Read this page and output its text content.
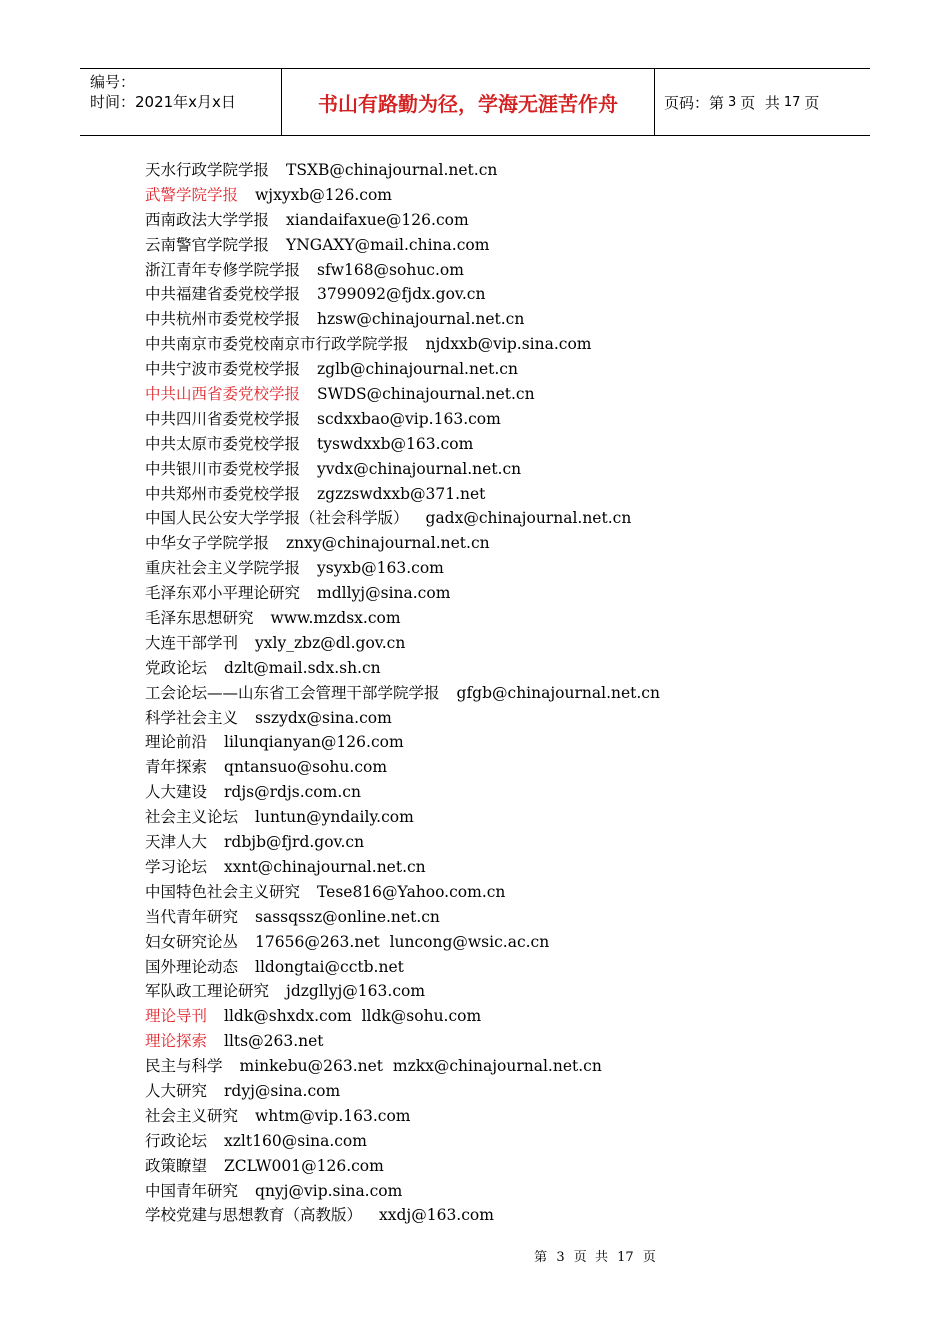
编号：
时间：2021年x月x日	书山有路勤为径，学海无涯苦作舟	页码：第 3 页  共 17 页
天水行政学院学报 TSXB@chinajournal.net.cn
武警学院学报 wjxyxb@126.com
西南政法大学学报 xiandaifaxue@126.com
云南警官学院学报 YNGAXY@mail.china.com
浙江青年专修学院学报 sfw168@sohuc.om
中共福建省委党校学报 3799092@fjdx.gov.cn
中共杭州市委党校学报 hzsw@chinajournal.net.cn
中共南京市委党校南京市行政学院学报 njdxxb@vip.sina.com
中共宁波市委党校学报 zglb@chinajournal.net.cn
中共山西省委党校学报 SWDS@chinajournal.net.cn
中共四川省委党校学报 scdxxbao@vip.163.com
中共太原市委党校学报 tyswdxxb@163.com
中共银川市委党校学报 yvdx@chinajournal.net.cn
中共郑州市委党校学报 zgzzswdxxb@371.net
中国人民公安大学学报（社会科学版） gadx@chinajournal.net.cn
中华女子学院学报 znxy@chinajournal.net.cn
重庆社会主义学院学报 ysyxb@163.com
毛泽东邓小平理论研究 mdllyj@sina.com
毛泽东思想研究 www.mzdsx.com
大连干部学刊 yxly_zbz@dl.gov.cn
党政论坛 dzlt@mail.sdx.sh.cn
工会论坛——山东省工会管理干部学院学报 gfgb@chinajournal.net.cn
科学社会主义 sszydx@sina.com
理论前沿 lilunqianyan@126.com
青年探索 qntansuo@sohu.com
人大建设 rdjs@rdjs.com.cn
社会主义论坛 luntun@yndaily.com
天津人大 rdbjb@fjrd.gov.cn
学习论坛 xxnt@chinajournal.net.cn
中国特色社会主义研究 Tese816@Yahoo.com.cn
当代青年研究 sassqssz@online.net.cn
妇女研究论丛 17656@263.net  luncong@wsic.ac.cn
国外理论动态 lldongtai@cctb.net
军队政工理论研究 jdzgllyj@163.com
理论导刊 lldk@shxdx.com  lldk@sohu.com
理论探索 llts@263.net
民主与科学 minkebu@263.net  mzkx@chinajournal.net.cn
人大研究 rdyj@sina.com
社会主义研究 whtm@vip.163.com
行政论坛 xzlt160@sina.com
政策瞭望 ZCLW001@126.com
中国青年研究 qnyj@vip.sina.com
学校党建与思想教育（高教版） xxdj@163.com
第 3 页  共 17 页
